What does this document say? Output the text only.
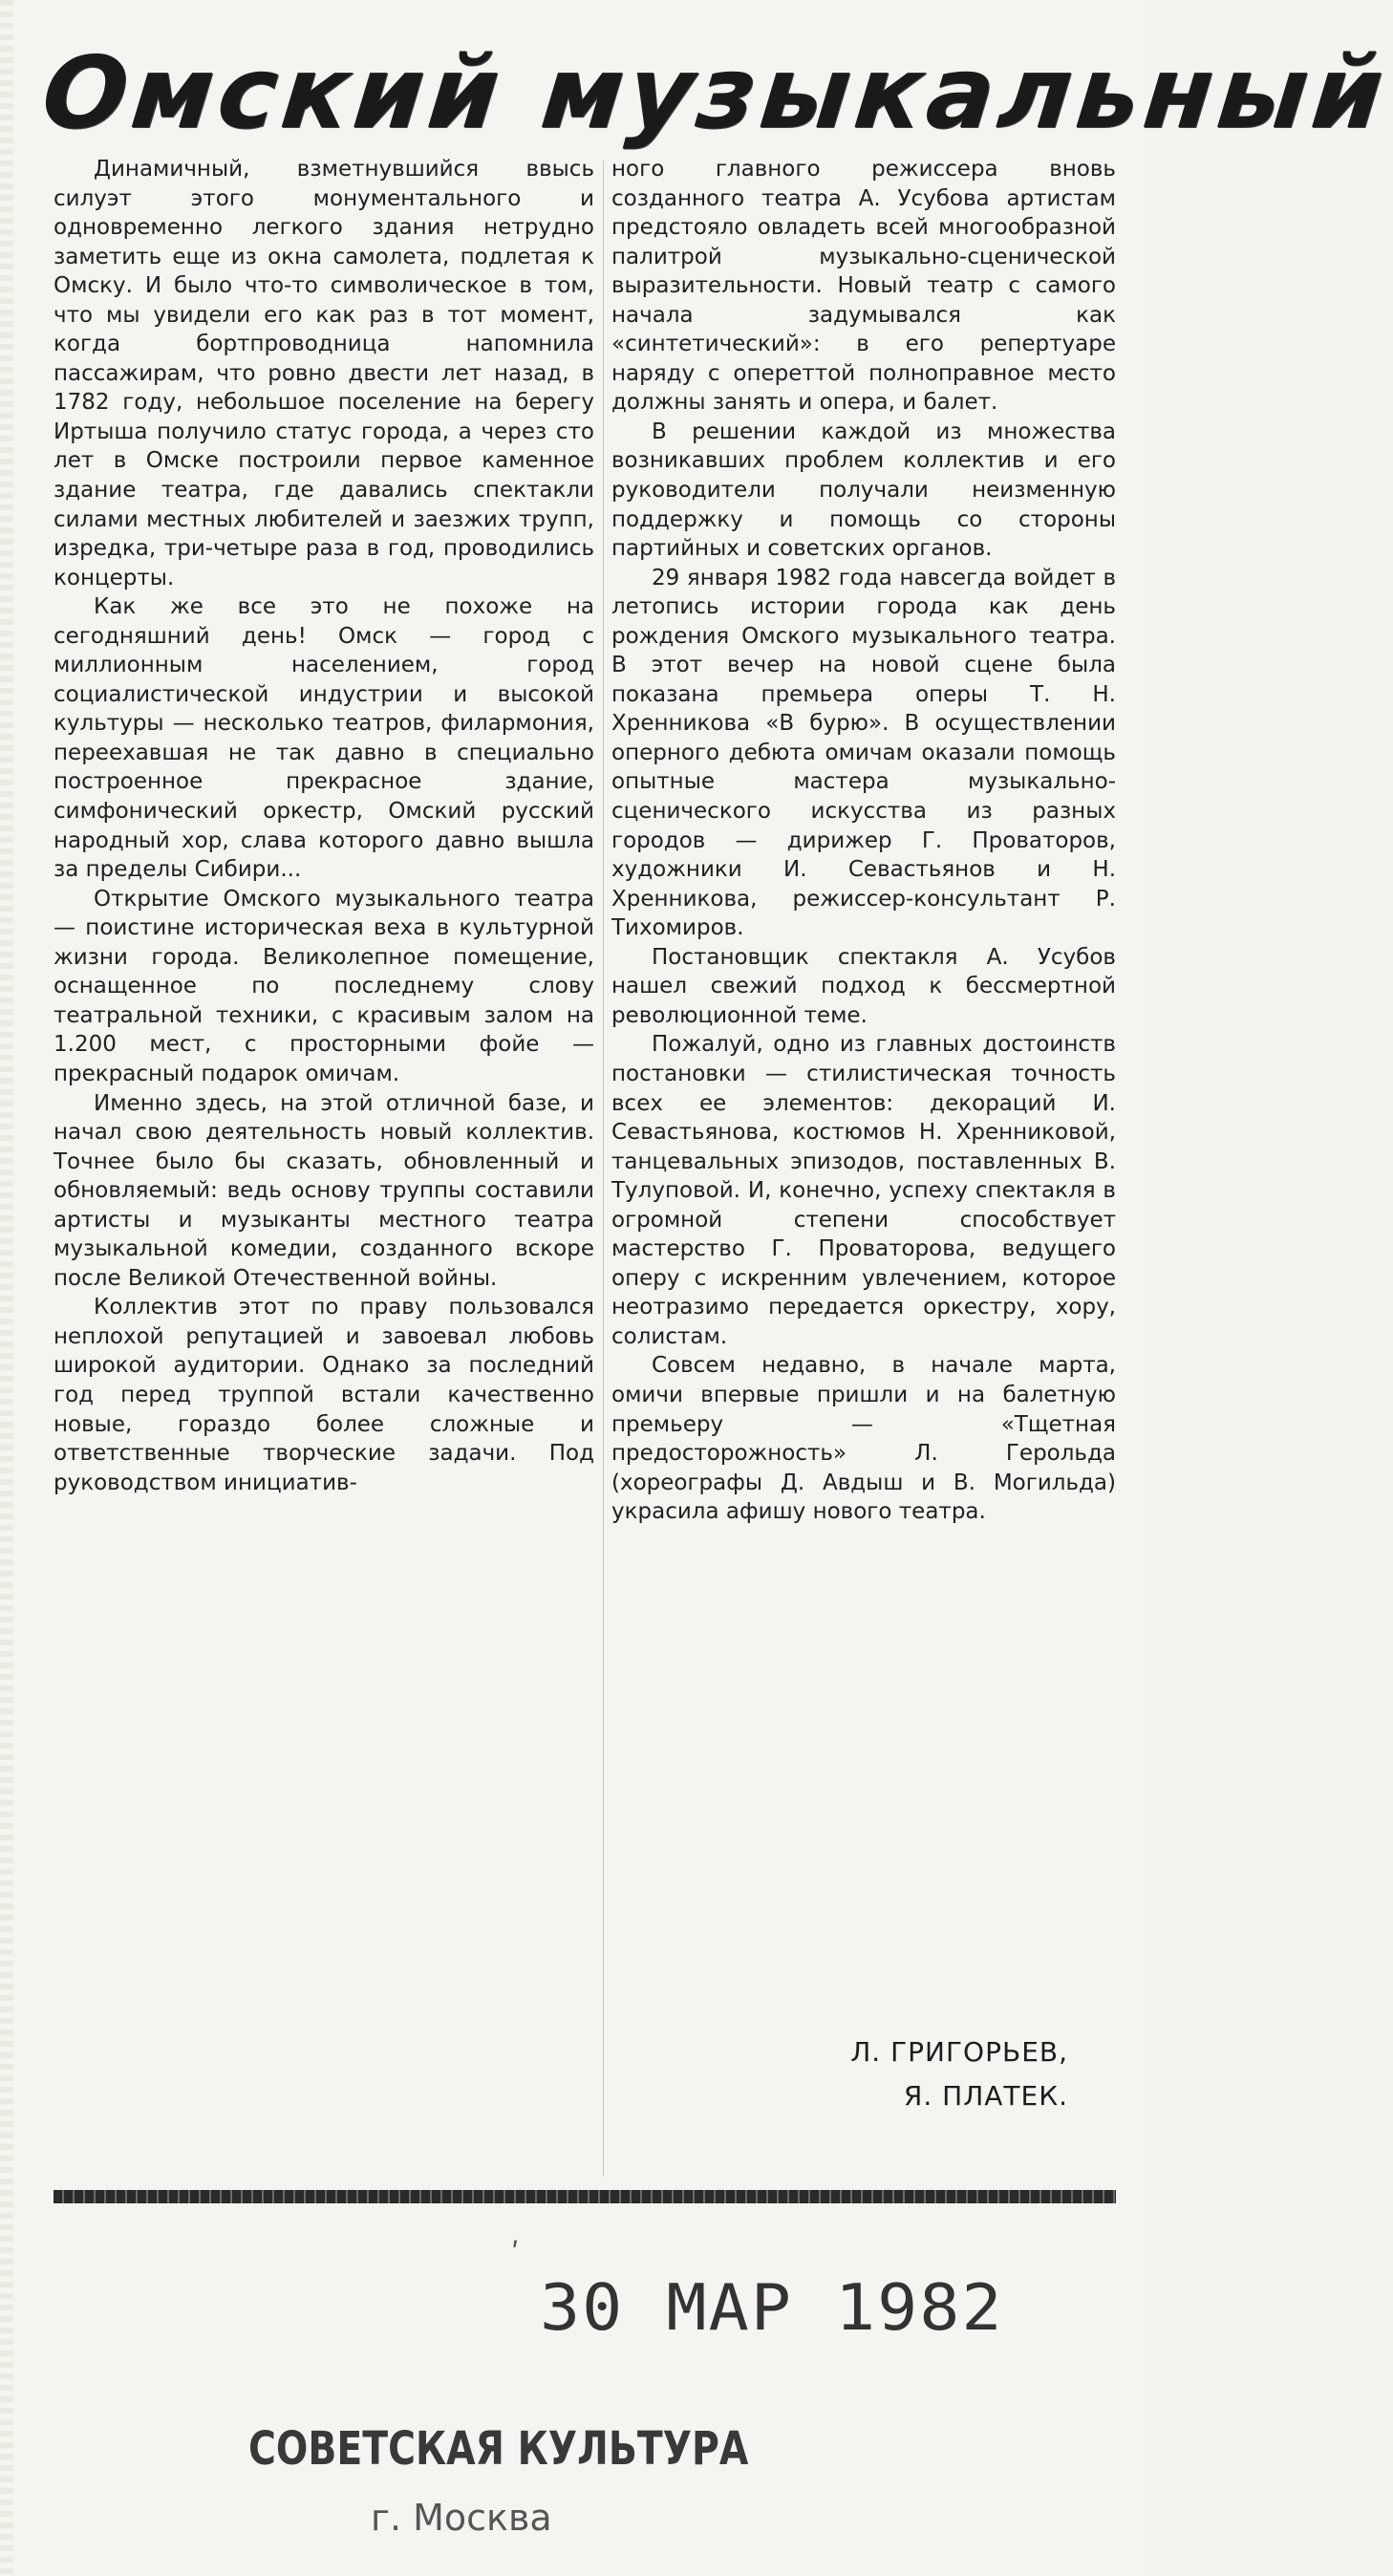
Омский музыкальный

Динамичный, взметнувшийся ввысь силуэт этого монументального и одновременно легкого здания нетрудно заметить еще из окна самолета, подлетая к Омску. И было что-то символическое в том, что мы увидели его как раз в тот момент, когда бортпроводница напомнила пассажирам, что ровно двести лет назад, в 1782 году, небольшое поселение на берегу Иртыша получило статус города, а через сто лет в Омске построили первое каменное здание театра, где давались спектакли силами местных любителей и заезжих трупп, изредка, три-четыре раза в год, проводились концерты.

Как же все это не похоже на сегодняшний день! Омск — город с миллионным населением, город социалистической индустрии и высокой культуры — несколько театров, филармония, переехавшая не так давно в специально построенное прекрасное здание, симфонический оркестр, Омский русский народный хор, слава которого давно вышла за пределы Сибири...

Открытие Омского музыкального театра — поистине историческая веха в культурной жизни города. Великолепное помещение, оснащенное по последнему слову театральной техники, с красивым залом на 1.200 мест, с просторными фойе — прекрасный подарок омичам.

Именно здесь, на этой отличной базе, и начал свою деятельность новый коллектив. Точнее было бы сказать, обновленный и обновляемый: ведь основу труппы составили артисты и музыканты местного театра музыкальной комедии, созданного вскоре после Великой Отечественной войны.

Коллектив этот по праву пользовался неплохой репутацией и завоевал любовь широкой аудитории. Однако за последний год перед труппой встали качественно новые, гораздо более сложные и ответственные творческие задачи. Под руководством инициатив-

ного главного режиссера вновь созданного театра А. Усубова артистам предстояло овладеть всей многообразной палитрой музыкально-сценической выразительности. Новый театр с самого начала задумывался как «синтетический»: в его репертуаре наряду с опереттой полноправное место должны занять и опера, и балет.

В решении каждой из множества возникавших проблем коллектив и его руководители получали неизменную поддержку и помощь со стороны партийных и советских органов.

29 января 1982 года навсегда войдет в летопись истории города как день рождения Омского музыкального театра. В этот вечер на новой сцене была показана премьера оперы Т. Н. Хренникова «В бурю». В осуществлении оперного дебюта омичам оказали помощь опытные мастера музыкально-сценического искусства из разных городов — дирижер Г. Проваторов, художники И. Севастьянов и Н. Хренникова, режиссер-консультант Р. Тихомиров.

Постановщик спектакля А. Усубов нашел свежий подход к бессмертной революционной теме.

Пожалуй, одно из главных достоинств постановки — стилистическая точность всех ее элементов: декораций И. Севастьянова, костюмов Н. Хренниковой, танцевальных эпизодов, поставленных В. Тулуповой. И, конечно, успеху спектакля в огромной степени способствует мастерство Г. Проваторова, ведущего оперу с искренним увлечением, которое неотразимо передается оркестру, хору, солистам.

Совсем недавно, в начале марта, омичи впервые пришли и на балетную премьеру — «Тщетная предосторожность» Л. Герольда (хореографы Д. Авдыш и В. Могильда) украсила афишу нового театра.

Л. ГРИГОРЬЕВ,
Я. ПЛАТЕК.
ʹ
30 МАР 1982
СОВЕТСКАЯ КУЛЬТУРА
г. Москва
